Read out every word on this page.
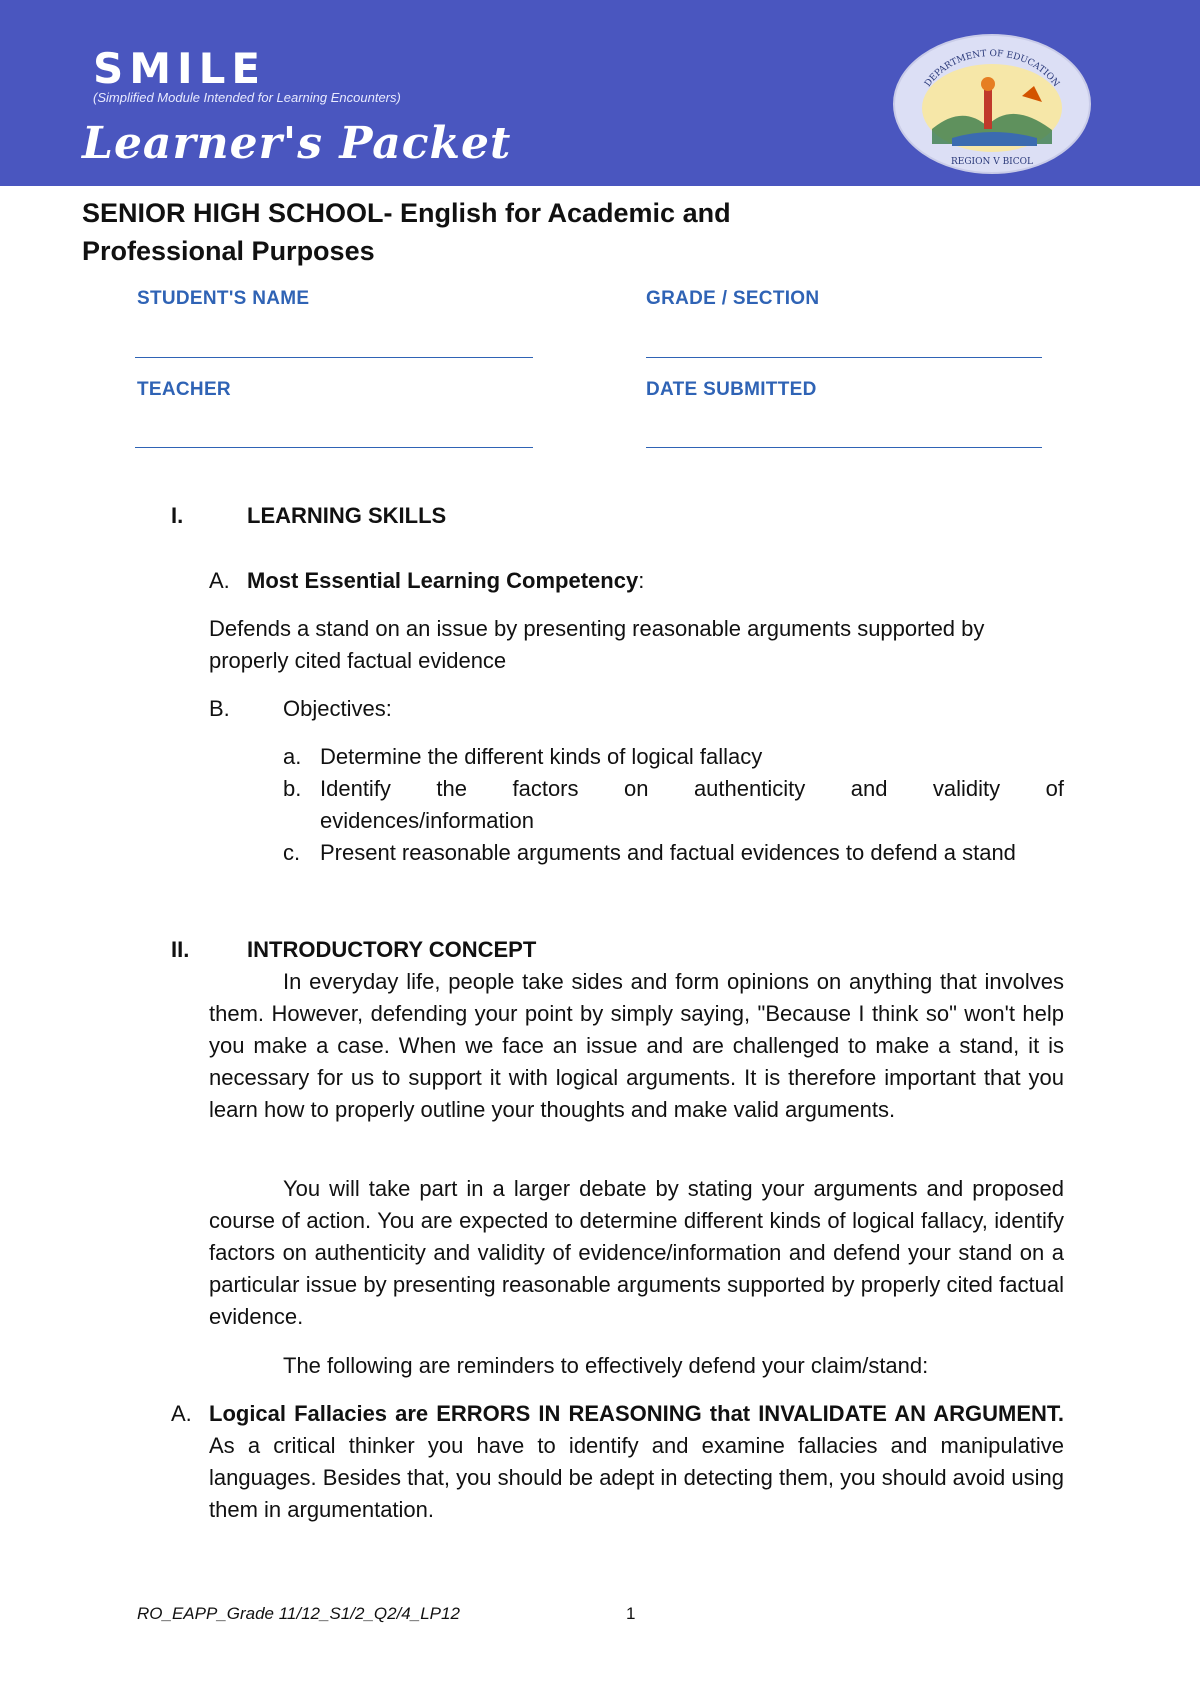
SMILE
(Simplified Module Intended for Learning Encounters)
Learner's Packet
DEPARTMENT OF EDUCATION
REGION V BICOL
SENIOR HIGH SCHOOL- English for Academic and Professional Purposes
STUDENT'S NAME	GRADE / SECTION
TEACHER	DATE SUBMITTED
I.	LEARNING SKILLS
A. Most Essential Learning Competency:
Defends a stand on an issue by presenting reasonable arguments supported by properly cited factual evidence
B. Objectives:
a. Determine the different kinds of logical fallacy
b. Identify the factors on authenticity and validity of evidences/information
c. Present reasonable arguments and factual evidences to defend a stand
II.	INTRODUCTORY CONCEPT
In everyday life, people take sides and form opinions on anything that involves them. However, defending your point by simply saying, "Because I think so" won't help you make a case. When we face an issue and are challenged to make a stand, it is necessary for us to support it with logical arguments. It is therefore important that you learn how to properly outline your thoughts and make valid arguments.
You will take part in a larger debate by stating your arguments and proposed course of action. You are expected to determine different kinds of logical fallacy, identify factors on authenticity and validity of evidence/information and defend your stand on a particular issue by presenting reasonable arguments supported by properly cited factual evidence.
The following are reminders to effectively defend your claim/stand:
A. Logical Fallacies are ERRORS IN REASONING that INVALIDATE AN ARGUMENT. As a critical thinker you have to identify and examine fallacies and manipulative languages. Besides that, you should be adept in detecting them, you should avoid using them in argumentation.
RO_EAPP_Grade 11/12_S1/2_Q2/4_LP12	1
